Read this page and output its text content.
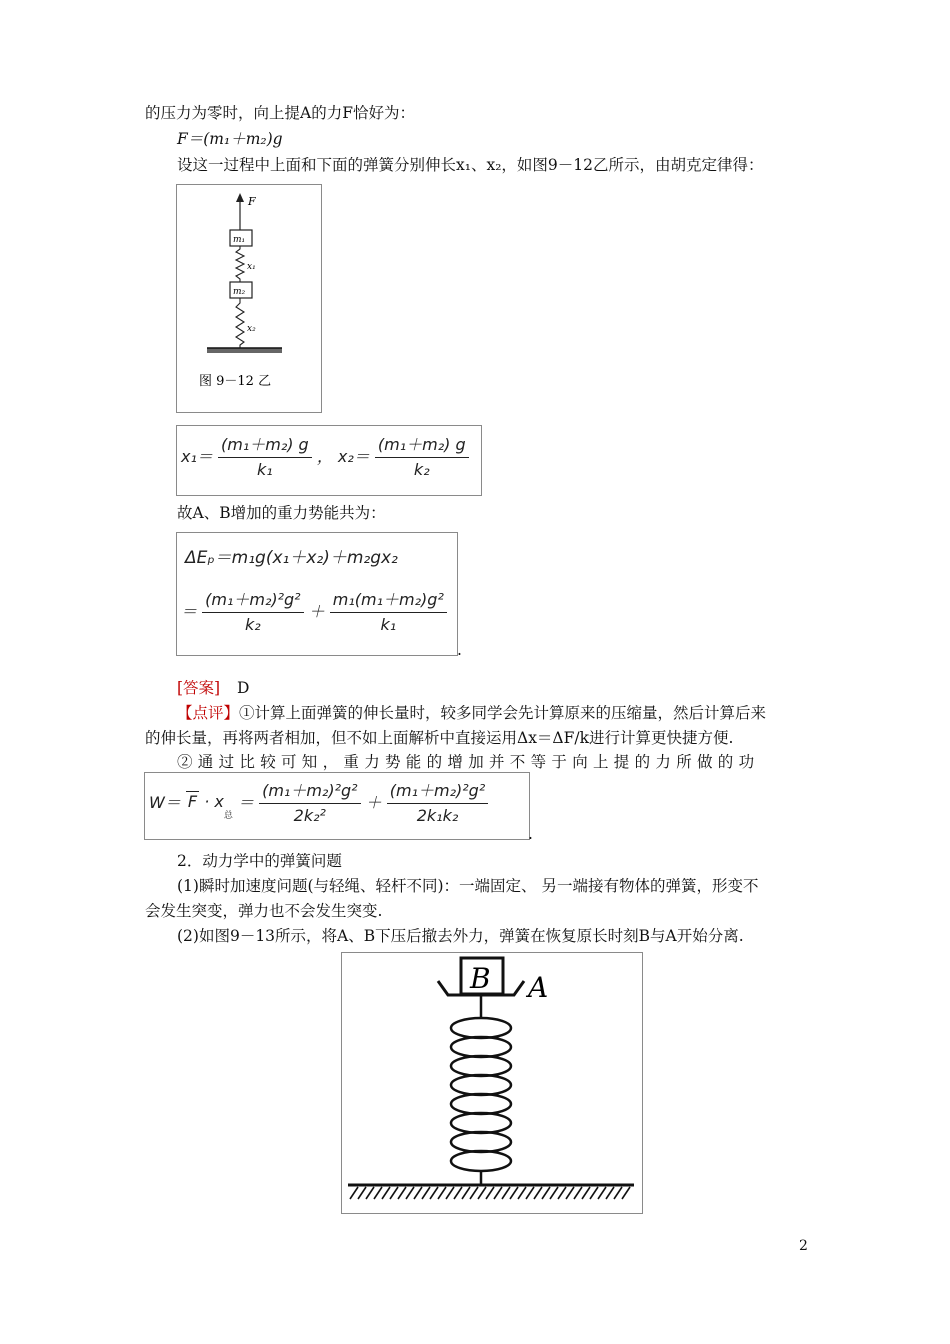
的压力为零时，向上提A的力F恰好为：
F＝(m₁＋m₂)g
设这一过程中上面和下面的弹簧分别伸长x₁、x₂，如图9－12乙所示，由胡克定律得：
F
m₁
x₁
m₂
x₂
图 9－12 乙
$x_1= \frac{\text{(m₁＋m₂) g}}{\text{k₁}}$ ， $x_2= \frac{\text{(m₁＋m₂) g}}{\text{k₂}}$
故A、B增加的重力势能共为：
ΔEₚ＝m₁g(x₁＋x₂)＋m₂gx₂
＝ $\frac{\text{(m₁＋m₂)²g²}}{\text{k₂}} + \frac{\text{m₁(m₁＋m₂)g²}}{\text{k₁}}$
.
[答案] D
【点评】①计算上面弹簧的伸长量时，较多同学会先计算原来的压缩量，然后计算后来
的伸长量，再将两者相加，但不如上面解析中直接运用Δx＝ΔF/k进行计算更快捷方便.
②通过比较可知，重力势能的增加并不等于向上提的力所做的功
$W= F \cdot x_总 = \frac{\text{(m₁＋m₂)²g²}}{\text{2k₂²}} + \frac{\text{(m₁＋m₂)²g²}}{\text{2k₁k₂}}$
.
2．动力学中的弹簧问题
(1)瞬时加速度问题(与轻绳、轻杆不同)：一端固定、 另一端接有物体的弹簧，形变不
会发生突变，弹力也不会发生突变.
(2)如图9－13所示，将A、B下压后撤去外力，弹簧在恢复原长时刻B与A开始分离.
B A
2
